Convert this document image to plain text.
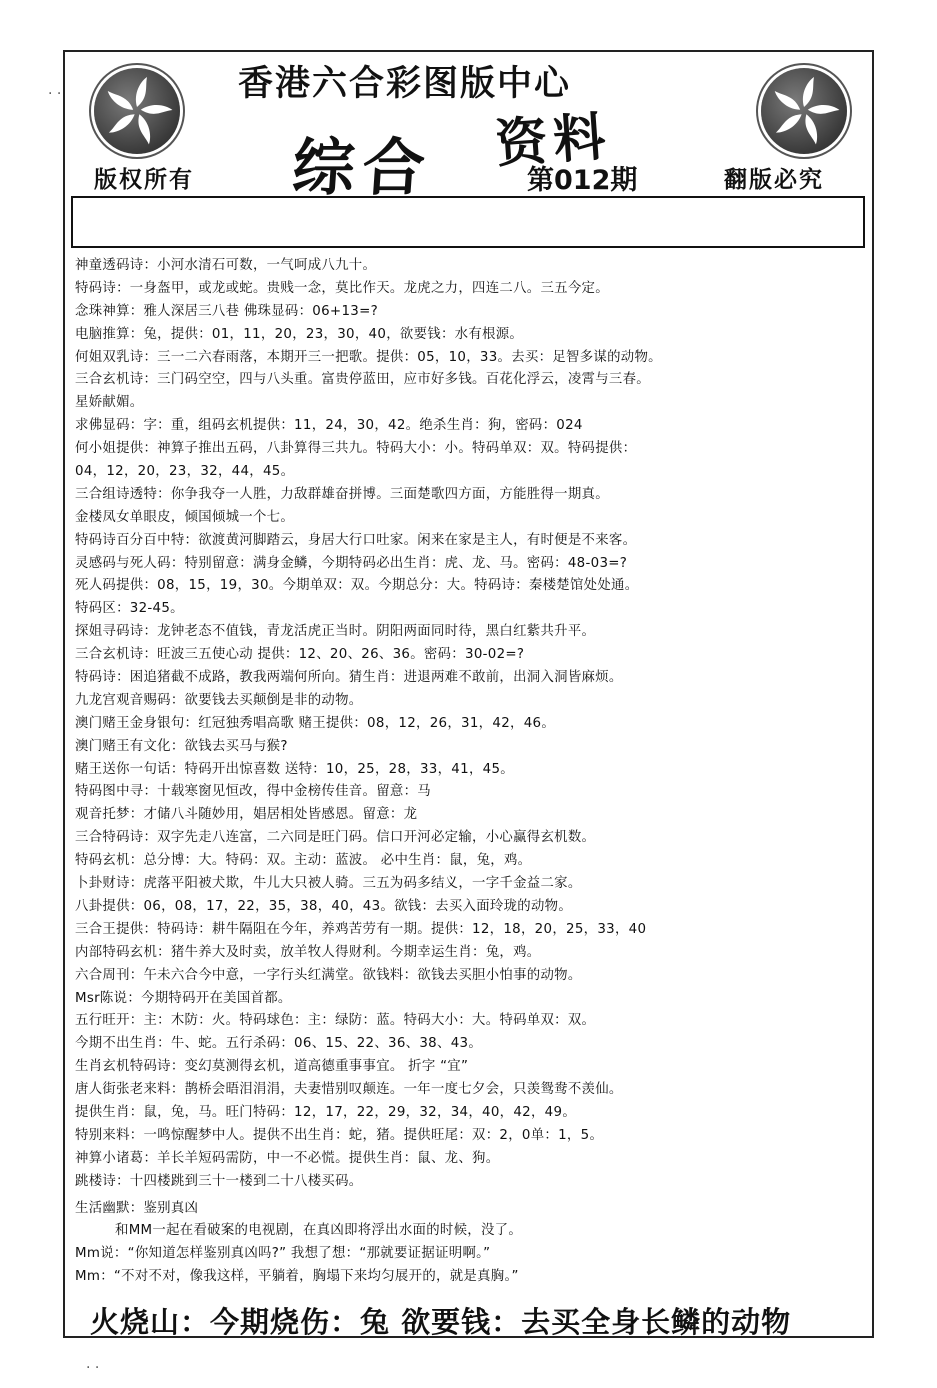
香港六合彩图版中心
综合 资料
第012期
版权所有	翻版必究
神童透码诗：小河水清石可数，一气呵成八九十。
特码诗：一身盔甲，或龙或蛇。贵贱一念，莫比作天。龙虎之力，四连二八。三五今定。
念珠神算：雅人深居三八巷 佛珠显码：06+13=?
电脑推算：兔，提供：01，11，20，23，30，40，欲要钱：水有根源。
何姐双乳诗：三一二六春雨落，本期开三一把歌。提供：05，10，33。去买：足智多谋的动物。
三合玄机诗：三门码空空，四与八头重。富贵停蓝田，应市好多钱。百花化浮云，凌霄与三春。
星娇献媚。
求佛显码：字：重，组码玄机提供：11，24，30，42。绝杀生肖：狗，密码：024
何小姐提供：神算子推出五码，八卦算得三共九。特码大小：小。特码单双：双。特码提供：
04，12，20，23，32，44，45。
三合组诗透特：你争我夺一人胜，力敌群雄奋拼博。三面楚歌四方面，方能胜得一期真。
金楼凤女单眼皮，倾国倾城一个七。
特码诗百分百中特：欲渡黄河脚踏云，身居大行口吐家。闲来在家是主人，有时便是不来客。
灵感码与死人码：特别留意：满身金鳞，今期特码必出生肖：虎、龙、马。密码：48-03=?
死人码提供：08，15，19，30。今期单双：双。今期总分：大。特码诗：秦楼楚馆处处通。
特码区：32-45。
探姐寻码诗：龙钟老态不值钱，青龙活虎正当时。阴阳两面同时待，黑白红紫共升平。
三合玄机诗：旺波三五使心动 提供：12、20、26、36。密码：30-02=?
特码诗：困追猪截不成路，教我两端何所向。猜生肖：进退两难不敢前，出洞入洞皆麻烦。
九龙宫观音赐码：欲要钱去买颠倒是非的动物。
澳门赌王金身银句：红冠独秀唱高歌 赌王提供：08，12，26，31，42，46。
澳门赌王有文化：欲钱去买马与猴?
赌王送你一句话：特码开出惊喜数 送特：10，25，28，33，41，45。
特码图中寻：十载寒窗见恒改，得中金榜传佳音。留意：马
观音托梦：才储八斗随妙用，娼居相处皆感恩。留意：龙
三合特码诗：双字先走八连富，二六同是旺门码。信口开河必定输，小心赢得玄机数。
特码玄机：总分博：大。特码：双。主动：蓝波。 必中生肖：鼠，兔，鸡。
卜卦财诗：虎落平阳被犬欺，牛儿大只被人骑。三五为码多结义，一字千金益二家。
八卦提供：06，08，17，22，35，38，40，43。欲钱：去买入面玲珑的动物。
三合王提供：特码诗：耕牛隔阻在今年，养鸡苦劳有一期。提供：12，18，20，25，33，40
内部特码玄机：猪牛养大及时卖，放羊牧人得财利。今期幸运生肖：兔，鸡。
六合周刊：午未六合今中意，一字行头红满堂。欲钱料：欲钱去买胆小怕事的动物。
Msr陈说：今期特码开在美国首都。
五行旺开：主：木防：火。特码球色：主：绿防：蓝。特码大小：大。特码单双：双。
今期不出生肖：牛、蛇。五行杀码：06、15、22、36、38、43。
生肖玄机特码诗：变幻莫测得玄机，道高德重事事宜。 折字 “宜”
唐人街张老来料：鹊桥会晤泪涓涓，夫妻惜别叹颠连。一年一度七夕会，只羡鸳鸯不羡仙。
提供生肖：鼠，兔，马。旺门特码：12，17，22，29，32，34，40，42，49。
特别来料：一鸣惊醒梦中人。提供不出生肖：蛇，猪。提供旺尾：双：2，0单：1，5。
神算小诸葛：羊长羊短码需防，中一不必慌。提供生肖：鼠、龙、狗。
跳楼诗：十四楼跳到三十一楼到二十八楼买码。
生活幽默：鉴别真凶
和MM一起在看破案的电视剧，在真凶即将浮出水面的时候，没了。
Mm说：“你知道怎样鉴别真凶吗?” 我想了想：“那就要证据证明啊。”
Mm：“不对不对，像我这样，平躺着，胸塌下来均匀展开的，就是真胸。”
火烧山：今期烧伤：兔 欲要钱：去买全身长鳞的动物
. .
. .
